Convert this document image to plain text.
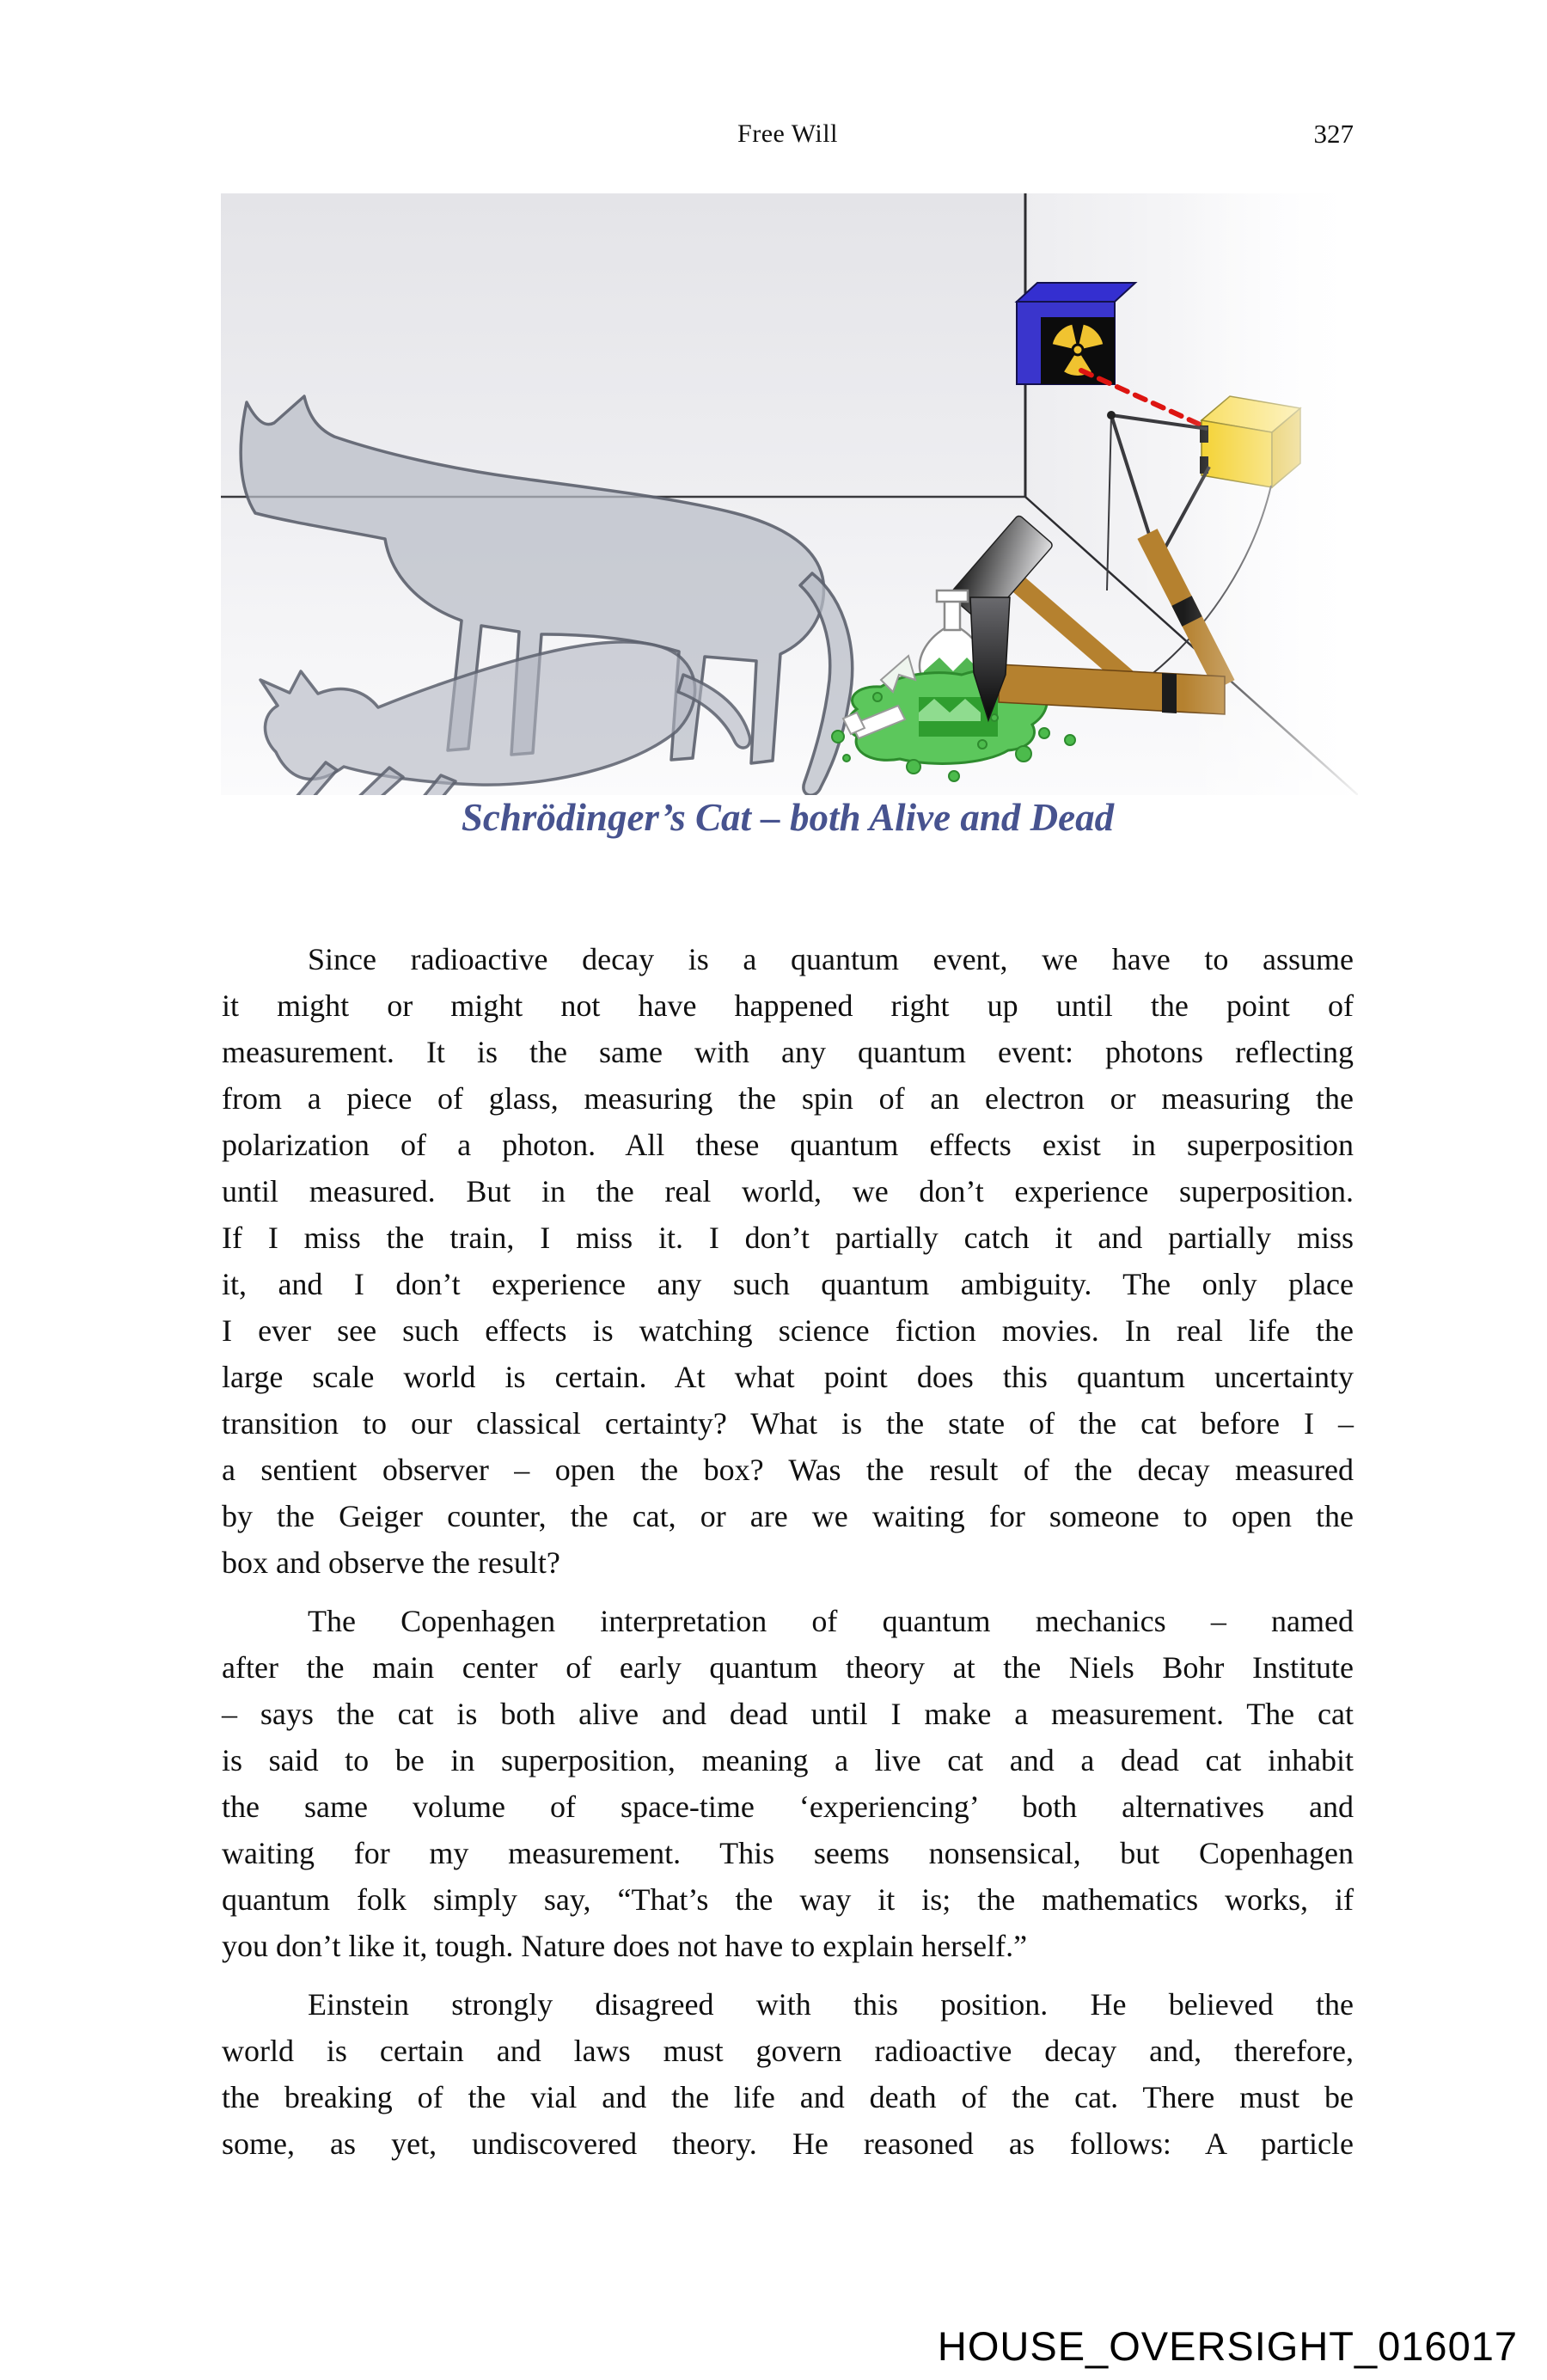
Free Will	327
Schrödinger’s Cat – both Alive and Dead
Since radioactive decay is a quantum event, we have to assume
it might or might not have happened right up until the point of
measurement. It is the same with any quantum event: photons reflecting
from a piece of glass, measuring the spin of an electron or measuring the
polarization of a photon. All these quantum effects exist in superposition
until measured. But in the real world, we don’t experience superposition.
If I miss the train, I miss it. I don’t partially catch it and partially miss
it, and I don’t experience any such quantum ambiguity. The only place
I ever see such effects is watching science fiction movies. In real life the
large scale world is certain. At what point does this quantum uncertainty
transition to our classical certainty? What is the state of the cat before I –
a sentient observer – open the box? Was the result of the decay measured
by the Geiger counter, the cat, or are we waiting for someone to open the
box and observe the result?
The Copenhagen interpretation of quantum mechanics – named
after the main center of early quantum theory at the Niels Bohr Institute
– says the cat is both alive and dead until I make a measurement. The cat
is said to be in superposition, meaning a live cat and a dead cat inhabit
the same volume of space-time ‘experiencing’ both alternatives and
waiting for my measurement. This seems nonsensical, but Copenhagen
quantum folk simply say, “That’s the way it is; the mathematics works, if
you don’t like it, tough. Nature does not have to explain herself.”
Einstein strongly disagreed with this position. He believed the
world is certain and laws must govern radioactive decay and, therefore,
the breaking of the vial and the life and death of the cat. There must be
some, as yet, undiscovered theory. He reasoned as follows: A particle
HOUSE_OVERSIGHT_016017
